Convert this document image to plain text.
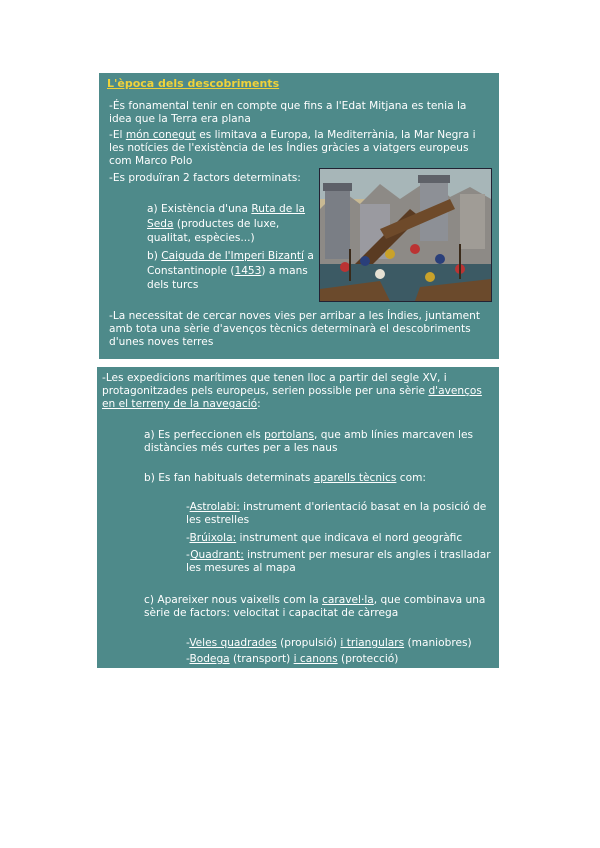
L'època dels descobriments

-És fonamental tenir en compte que fins a l'Edat Mitjana es tenia la idea que la Terra era plana

-El món conegut es limitava a Europa, la Mediterrània, la Mar Negra i les notícies de l'existència de les Índies gràcies a viatgers europeus com Marco Polo

-Es produïran 2 factors determinats:

a) Existència d'una Ruta de la Seda (productes de luxe, qualitat, espècies...)

b) Caiguda de l'Imperi Bizantí a Constantinople (1453) a mans dels turcs

-La necessitat de cercar noves vies per arribar a les Índies, juntament amb tota una sèrie d'avenços tècnics determinarà el descobriments d'unes noves terres

-Les expedicions marítimes que tenen lloc a partir del segle XV, i protagonitzades pels europeus, serien possible per una sèrie d'avenços en el terreny de la navegació:

a) Es perfeccionen els portolans, que amb línies marcaven les distàncies més curtes per a les naus

b) Es fan habituals determinats aparells tècnics com:

-Astrolabi: instrument d'orientació basat en la posició de les estrelles

-Brúixola: instrument que indicava el nord geogràfic

-Quadrant: instrument per mesurar els angles i traslladar les mesures al mapa

c) Apareixer nous vaixells com la caravel·la, que combinava una sèrie de factors: velocitat i capacitat de càrrega

-Veles quadrades (propulsió) i triangulars (maniobres)

-Bodega (transport) i canons (protecció)
